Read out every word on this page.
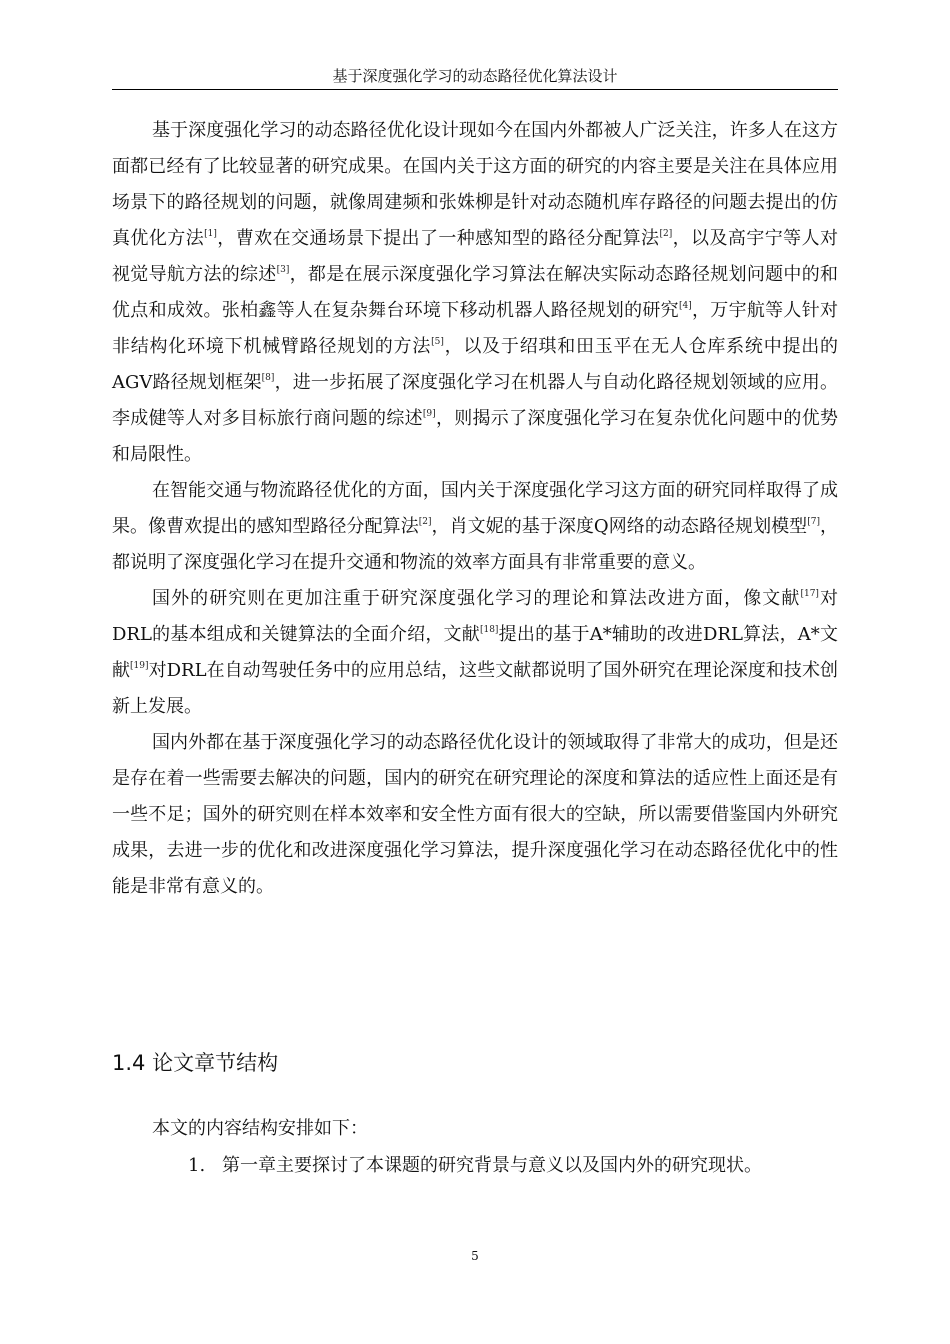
基于深度强化学习的动态路径优化算法设计

基于深度强化学习的动态路径优化设计现如今在国内外都被人广泛关注，许多人在这方面都已经有了比较显著的研究成果。在国内关于这方面的研究的内容主要是关注在具体应用场景下的路径规划的问题，就像周建频和张姝柳是针对动态随机库存路径的问题去提出的仿真优化方法[1]，曹欢在交通场景下提出了一种感知型的路径分配算法[2]，以及高宇宁等人对视觉导航方法的综述[3]，都是在展示深度强化学习算法在解决实际动态路径规划问题中的和优点和成效。张柏鑫等人在复杂舞台环境下移动机器人路径规划的研究[4]，万宇航等人针对非结构化环境下机械臂路径规划的方法[5]，以及于绍琪和田玉平在无人仓库系统中提出的AGV路径规划框架[8]，进一步拓展了深度强化学习在机器人与自动化路径规划领域的应用。李成健等人对多目标旅行商问题的综述[9]，则揭示了深度强化学习在复杂优化问题中的优势和局限性。

在智能交通与物流路径优化的方面，国内关于深度强化学习这方面的研究同样取得了成果。像曹欢提出的感知型路径分配算法[2]，肖文妮的基于深度Q网络的动态路径规划模型[7]，都说明了深度强化学习在提升交通和物流的效率方面具有非常重要的意义。

国外的研究则在更加注重于研究深度强化学习的理论和算法改进方面，像文献[17]对DRL的基本组成和关键算法的全面介绍，文献[18]提出的基于A*辅助的改进DRL算法，A*文献[19]对DRL在自动驾驶任务中的应用总结，这些文献都说明了国外研究在理论深度和技术创新上发展。

国内外都在基于深度强化学习的动态路径优化设计的领域取得了非常大的成功，但是还是存在着一些需要去解决的问题，国内的研究在研究理论的深度和算法的适应性上面还是有一些不足；国外的研究则在样本效率和安全性方面有很大的空缺，所以需要借鉴国内外研究成果，去进一步的优化和改进深度强化学习算法，提升深度强化学习在动态路径优化中的性能是非常有意义的。

1.4 论文章节结构
本文的内容结构安排如下：
1. 第一章主要探讨了本课题的研究背景与意义以及国内外的研究现状。
5
